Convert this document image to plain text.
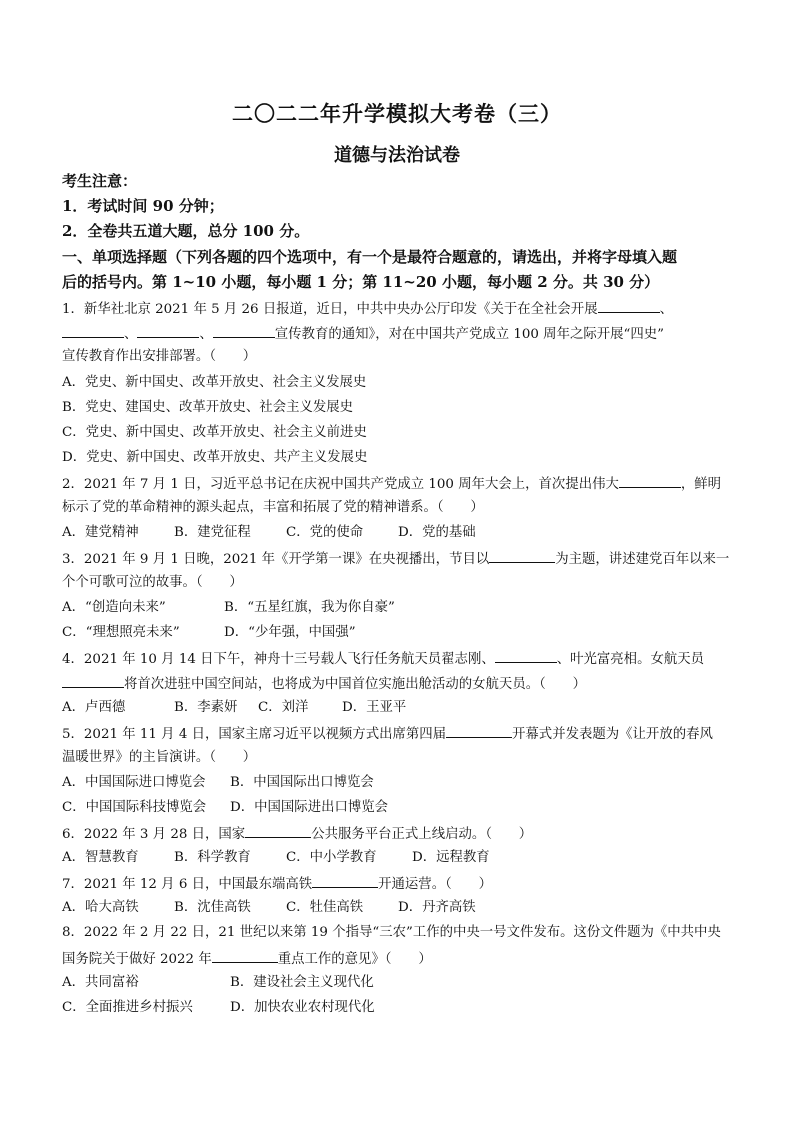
二〇二二年升学模拟大考卷（三）
道德与法治试卷
考生注意：
1．考试时间 90 分钟；
2．全卷共五道大题，总分 100 分。
一、单项选择题（下列各题的四个选项中，有一个是最符合题意的，请选出，并将字母填入题
后的括号内。第 1~10 小题，每小题 1 分；第 11~20 小题，每小题 2 分。共 30 分）
1．新华社北京 2021 年 5 月 26 日报道，近日，中共中央办公厅印发《关于在全社会开展	、
、	、	宣传教育的通知》，对在中国共产党成立 100 周年之际开展“四史”
宣传教育作出安排部署。（　　）
A．党史、新中国史、改革开放史、社会主义发展史
B．党史、建国史、改革开放史、社会主义发展史
C．党史、新中国史、改革开放史、社会主义前进史
D．党史、新中国史、改革开放史、共产主义发展史
2．2021 年 7 月 1 日，习近平总书记在庆祝中国共产党成立 100 周年大会上，首次提出伟大	，鲜明
标示了党的革命精神的源头起点，丰富和拓展了党的精神谱系。（　　）
A．建党精神	B．建党征程	C．党的使命	D．党的基础
3．2021 年 9 月 1 日晚，2021 年《开学第一课》在央视播出，节目以	为主题，讲述建党百年以来一
个个可歌可泣的故事。（　　）
A．“创造向未来”	B．“五星红旗，我为你自豪”
C．“理想照亮未来”	D．“少年强，中国强”
4．2021 年 10 月 14 日下午，神舟十三号载人飞行任务航天员翟志刚、	、叶光富亮相。女航天员
将首次进驻中国空间站，也将成为中国首位实施出舱活动的女航天员。（　　）
A．卢西德	B．李素妍 C．刘洋	D．王亚平
5．2021 年 11 月 4 日，国家主席习近平以视频方式出席第四届	开幕式并发表题为《让开放的春风
温暖世界》的主旨演讲。（　　）
A．中国国际进口博览会 B．中国国际出口博览会
C．中国国际科技博览会 D．中国国际进出口博览会
6．2022 年 3 月 28 日，国家	公共服务平台正式上线启动。（　　）
A．智慧教育	B．科学教育	C．中小学教育	D．远程教育
7．2021 年 12 月 6 日，中国最东端高铁	开通运营。（　　）
A．哈大高铁	B．沈佳高铁	C．牡佳高铁	D．丹齐高铁
8．2022 年 2 月 22 日，21 世纪以来第 19 个指导“三农”工作的中央一号文件发布。这份文件题为《中共中央
国务院关于做好 2022 年	重点工作的意见》（　　）
A．共同富裕	B．建设社会主义现代化
C．全面推进乡村振兴	D．加快农业农村现代化
